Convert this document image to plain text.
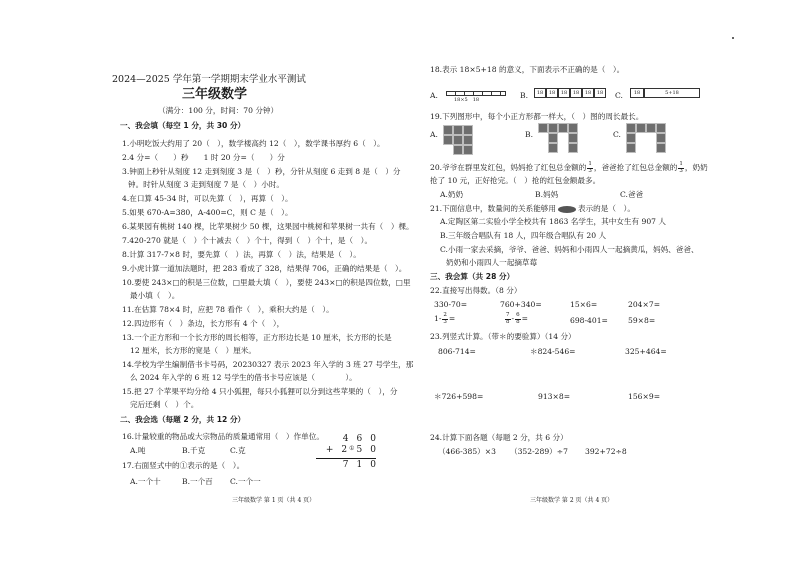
2024—2025 学年第一学期期末学业水平测试
三年级数学
（满分：100 分，时间：70 分钟）
一、我会填（每空 1 分，共 30 分）
1.小明吃饭大约用了 20（　），数学楼高约 12（　），数学课书厚约 6（　）。
2.4 分=（　　）秒　　1 时 20 分=（　　）分
3.钟面上秒针从刻度 12 走到刻度 3 是（　）秒，分针从刻度 6 走到 8 是（　）分
钟。时针从刻度 3 走到刻度 7 是（　）小时。
4.在口算 45-34 时，可以先算（　），再算（　）。
5.如果 670-A=380，A-400=C，则 C 是（　）。
6.某果园有桃树 140 棵，比苹果树少 50 棵，这果园中桃树和苹果树一共有（　）棵。
7.420-270 就是（　）个十减去（　）个十，得到（　）个十，是（　）。
8.计算 317-7×8 时，要先算（　）法，再算（　）法，结果是（　）。
9.小虎计算一道加法题时，把 283 看成了 328，结果得 706，正确的结果是（　）。
10.要使 243×□的积是三位数，□里最大填（　），要使 243×□的积是四位数，□里
最小填（　）。
11.在估算 78×4 时，应把 78 看作（　），乘积大约是（　）。
12.四边形有（　）条边，长方形有 4 个（　），
13.一个正方形和一个长方形的周长相等，正方形边长是 10 厘米，长方形的长是
12 厘米，长方形的宽是（　）厘米。
14.学校为学生编制借书卡号码，20230327 表示 2023 年入学的 3 班 27 号学生，那
么 2024 年入学的 6 班 12 号学生的借书卡号应该是（　　　　）。
15.把 27 个苹果平均分给 4 只小狐狸，每只小狐狸可以分到这些苹果的（　），分
完后还剩（　）个。
二、我会选（每题 2 分，共 12 分）
16.计量较重的物品或大宗物品的质量通常用（　）作单位。
A.吨	B.千克	C.克
17.右面竖式中的①表示的是（　）。
A.一个十	B.一个百 C.一个一
4 6 0
+ 2 ① 5 0
7 1 0
三年级数学 第 1 页（共 4 页）
18.表示 18×5+18 的意义，下面表示不正确的是（　）。
A.	18×5　18	B.	18	18	18	18	18	18	C.	18	5+18
19.下列图形中，每个小正方形都一样大，（　）图的周长最长。
A.	B.	C.
20.爷爷在群里发红包，妈妈抢了红包总金额的 $\frac{1}{3}$ ，爸爸抢了红包总金额的 $\frac{1}{3}$ ，奶奶
抢了 10 元，正好抢完。（　）抢的红包金额最多。
A.奶奶	B.妈妈	C.爸爸
21.下面信息中，数量间的关系能够用	表示的是（　）。
A.定陶区第二实验小学全校共有 1863 名学生，其中女生有 907 人
B.三年级合唱队有 18 人，四年级合唱队有 20 人
C.小雨一家去采摘，爷爷、爸爸、妈妈和小雨四人一起摘黄瓜，妈妈、爸爸、
奶奶和小雨四人一起摘草莓
三、我会算（共 28 分）
22.直接写出得数。（8 分）
330-70=	760+340=	15×6=	204×7=
$1- \frac{2}{3}$ =	$\frac{7}{8} - \frac{6}{8}$ =	698-401=	59×8=
23.列竖式计算。（带＊的要验算）（14 分）
806-714=	＊824-546=	325+464=
＊726+598=	913×8=	156×9=
24.计算下面各题（每题 2 分，共 6 分）
（466-385）×3 （352-289）÷7 392+72÷8
三年级数学 第 2 页（共 4 页）
